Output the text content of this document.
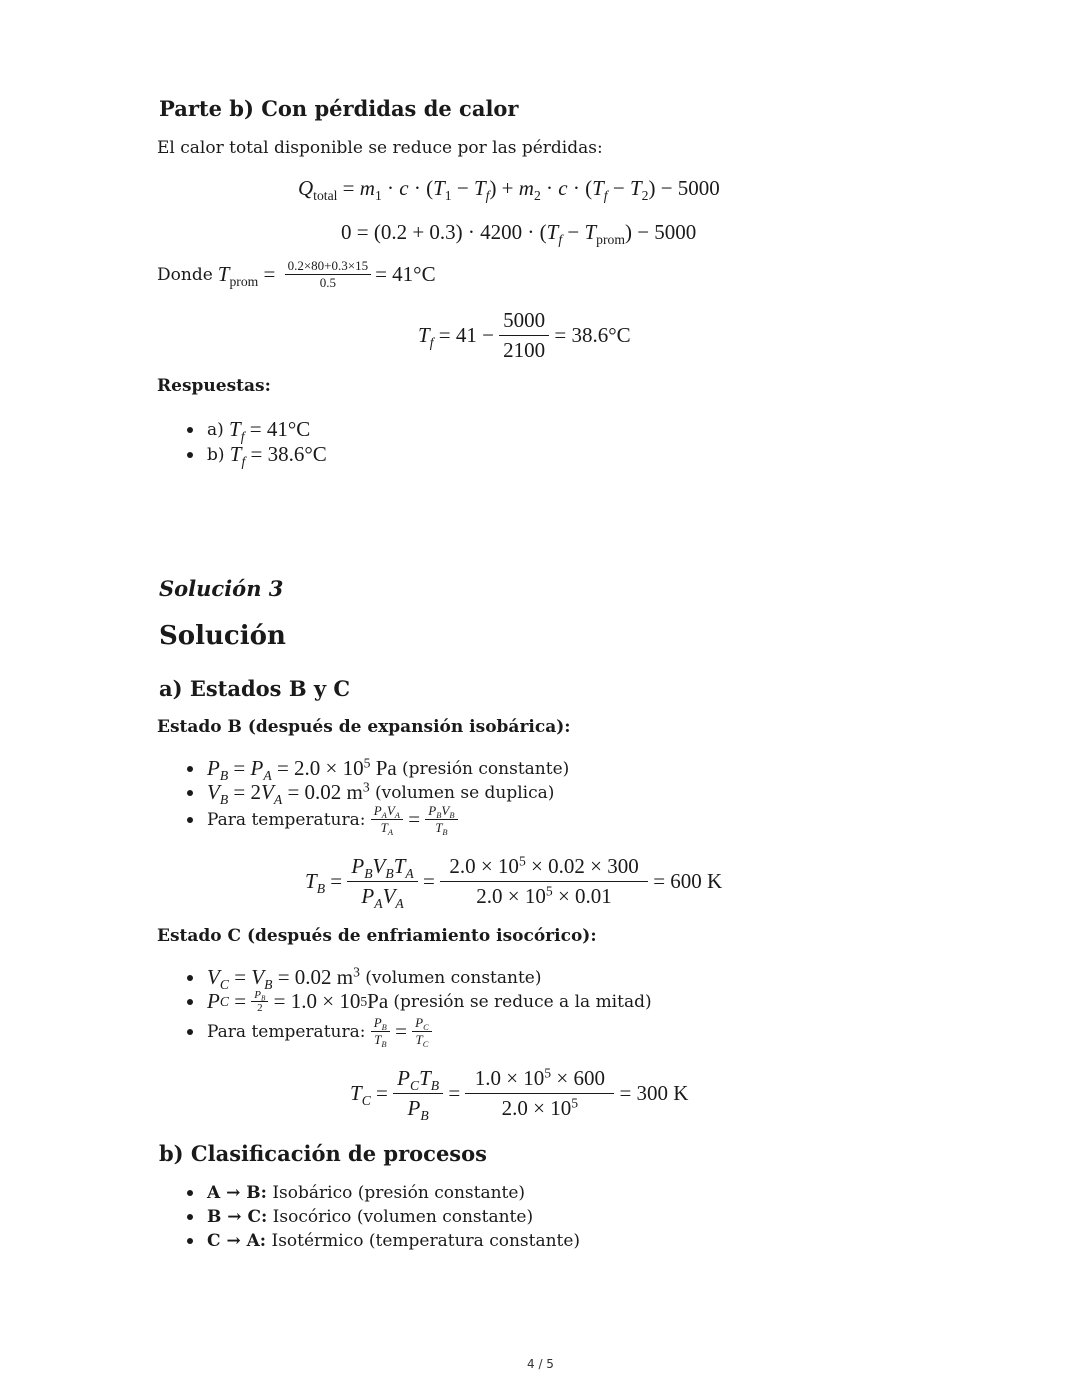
Parte b) Con pérdidas de calor
El calor total disponible se reduce por las pérdidas:
$Q_{total} = m_1 \cdot c \cdot (T_1 - T_f) + m_2 \cdot c \cdot (T_f - T_2) - 5000$
$0 = (0.2 + 0.3) \cdot 4200 \cdot (T_f - T_{prom}) - 5000$
Donde $T_{prom} = \frac{0.2\times 80+0.3\times 15}{0.5} = 41^\circ C$
$T_f = 41 - \frac{5000}{2100} = 38.6^\circ C$
Respuestas:
a) $T_f = 41^\circ C$
b) $T_f = 38.6^\circ C$
Solución 3
Solución
a) Estados B y C
Estado B (después de expansión isobárica):
$P_B = P_A = 2.0 \times 10^5$ Pa (presión constante)
$V_B = 2V_A = 0.02$ $m^3$ (volumen se duplica)
Para temperatura:
$\frac{P_AV_A}{T_A} = \frac{P_BV_B}{T_B}$
$T_B = \frac{P_BV_BT_A}{P_AV_A} = \frac{2.0 \times 10^5 \times 0.02 \times 300}{2.0 \times 10^5 \times 0.01} = 600$ K
Estado C (después de enfriamiento isocórico):
$V_C = V_B = 0.02$ $m^3$ (volumen constante)
P $C = \frac{P_B}{2} = 1.0 \times 10$ 5 Pa (presión se reduce a la mitad)
Para temperatura:
$\frac{P_B}{T_B} = \frac{P_C}{T_C}$
$T_C = \frac{P_CT_B}{P_B} = \frac{1.0 \times 10^5 \times 600}{2.0 \times 10^5} = 300$ K
b) Clasificación de procesos
A → B:
Isobárico (presión constante)
B → C:
Isocórico (volumen constante)
C → A:
Isotérmico (temperatura constante)
4 / 5
